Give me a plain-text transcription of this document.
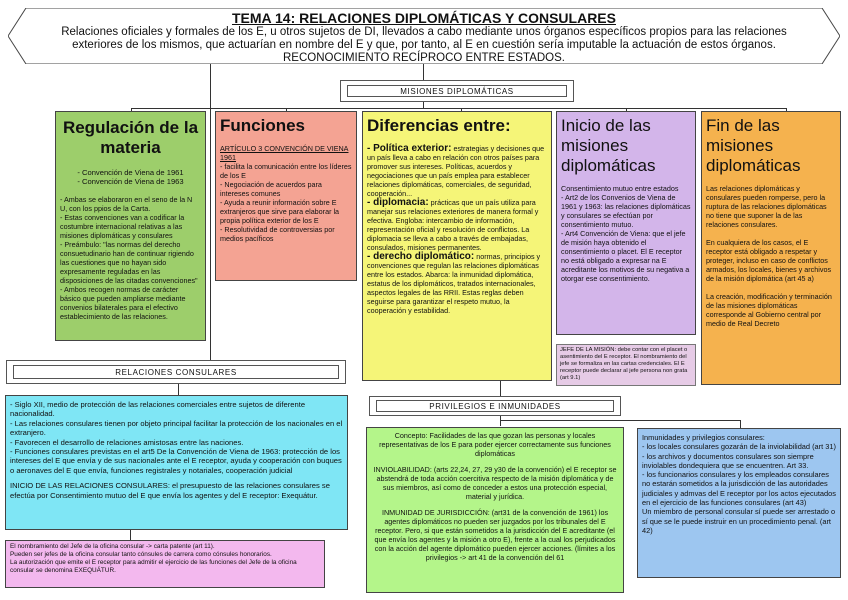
TEMA 14: RELACIONES DIPLOMÁTICAS Y CONSULARES
Relaciones oficiales y formales de los E, u otros sujetos de DI, llevados a cabo mediante unos órganos específicos propios para las relaciones exteriores de los mismos, que actuarían en nombre del E y que, por tanto, al E en cuestión sería imputable la actuación de estos órganos.
RECONOCIMIENTO RECÍPROCO ENTRE ESTADOS.
MISIONES DIPLOMÁTICAS
Regulación de la materia
- Convención de Viena de 1961
- Convención de Viena de 1963
- Ambas se elaboraron en el seno de la N U, con los ppios de la Carta.
- Estas convenciones van a codificar la costumbre internacional relativas a las misiones diplomáticas y consulares
- Preámbulo: "las normas del derecho consuetudinario han de continuar rigiendo las cuestiones que no hayan sido expresamente reguladas en las disposiciones de las citadas convenciones"
- Ambos recogen normas de carácter básico que pueden ampliarse mediante convenios bilaterales para el efectivo establecimiento de las relaciones.
Funciones
ARTÍCULO 3 CONVENCIÓN DE VIENA 1961
- facilita la comunicación entre los líderes de los E
- Negociación de acuerdos para intereses comunes
- Ayuda a reunir información sobre E extranjeros que sirve para elaborar la propia política exterior de los E
- Resolutividad de controversias por medios pacíficos
Diferencias entre:
- Política exterior: estrategias y decisiones que un país lleva a cabo en relación con otros países para promover sus intereses. Políticas, acuerdos y negociaciones que un país emplea para establecer relaciones diplomáticas, comerciales, de seguridad, cooperación...
- diplomacia: prácticas que un país utiliza para manejar sus relaciones exteriores de manera formal y efectiva. Engloba: intercambio de información, representación oficial y resolución de conflictos. La diplomacia se lleva a cabo a través de embajadas, consulados, misiones permanentes.
- derecho diplomático: normas, principios y convenciones que regulan las relaciones diplomáticas entre los estados. Abarca: la inmunidad diplomática, estatus de los diplomáticos, tratados internacionales, aspectos legales de las RRII. Estas reglas deben seguirse para garantizar el respeto mutuo, la cooperación y estabilidad.
Inicio de las misiones diplomáticas
Consentimiento mutuo entre estados
- Art2 de los Convenios de Viena de 1961 y 1963: las relaciones diplomáticas y consulares se efectúan por consentimiento mutuo.
- Art4 Convención de Viena: que el jefe de misión haya obtenido el consentimiento o placet. El E receptor no está obligado a expresar na E acreditante los motivos de su negativa a otorgar ese consentimiento.
JEFE DE LA MISIÓN: debe contar con el placet o asentimiento del E receptor. El nombramiento del jefe se formaliza en las cartas credenciales. El E receptor puede declarar al jefe persona non grata (art 9.1)
Fin de las misiones diplomáticas
Las relaciones diplomáticas y consulares pueden romperse, pero la ruptura de las relaciones diplomáticas no tiene que suponer la de las relaciones consulares.

En cualquiera de los casos, el E receptor está obligado a respetar y proteger, incluso en caso de conflictos armados, los locales, bienes y archivos de la misión diplomática (art 45 a)

La creación, modificación y terminación de las misiones diplomáticas corresponde al Gobierno central por medio de Real Decreto
RELACIONES CONSULARES
- Siglo XII, medio de protección de las relaciones comerciales entre sujetos de diferente nacionalidad.
- Las relaciones consulares tienen por objeto principal facilitar la protección de los nacionales en el extranjero.
- Favorecen el desarrollo de relaciones amistosas entre las naciones.
- Funciones consulares previstas en el art5 De la Convención de Viena de 1963: protección de los intereses del E que envía y de sus nacionales ante el E receptor, ayuda y cooperación con buques o aeronaves del E que envía, funciones registrales y notariales, cooperación judicial
INICIO DE LAS RELACIONES CONSULARES: el presupuesto de las relaciones consulares se efectúa por Consentimiento mutuo del E que envía los agentes y del E receptor: Exequátur.
El nombramiento del Jefe de la oficina consular -> carta patente (art 11).
Pueden ser jefes de la oficina consular tanto cónsules de carrera como cónsules honorarios.
La autorización que emite el E receptor para admitir el ejercicio de las funciones del Jefe de la oficina consular se denomina EXEQUÁTUR.
PRIVILEGIOS E INMUNIDADES
Concepto: Facilidades de las que gozan las personas y locales representativas de los E para poder ejercer correctamente sus funciones diplomáticas
INVIOLABILIDAD: (arts 22,24, 27, 29 y30 de la convención) el E receptor se abstendrá de toda acción coercitiva respecto de la misión diplomática y de sus miembros, así como de conceder a estos una protección especial, material y jurídica.
INMUNIDAD DE JURISDICCIÓN: (art31 de la convención de 1961) los agentes diplomáticos no pueden ser juzgados por los tribunales del E receptor. Pero, si que están sometidos a la jurisdicción del E acreditante (el que envía los agentes y la misión a otro E), frente a la cual los perjudicados con la acción del agente diplomático pueden ejercer acciones. (límites a los privilegios -> art 41 de la convención del 61
Inmunidades y privilegios consulares:
- los locales consulares gozarán de la inviolabilidad (art 31)
- los archivos y documentos consulares son siempre inviolables dondequiera que se encuentren. Art 33.
- los funcionarios consulares y los empleados consulares no estarán sometidos a la jurisdicción de las autoridades judiciales y admvas del E receptor por los actos ejecutados en el ejercicio de las funciones consulares (art 43)
Un miembro de personal consular sí puede ser arrestado o sí que se le puede instruir en un procedimiento penal. (art 42)
